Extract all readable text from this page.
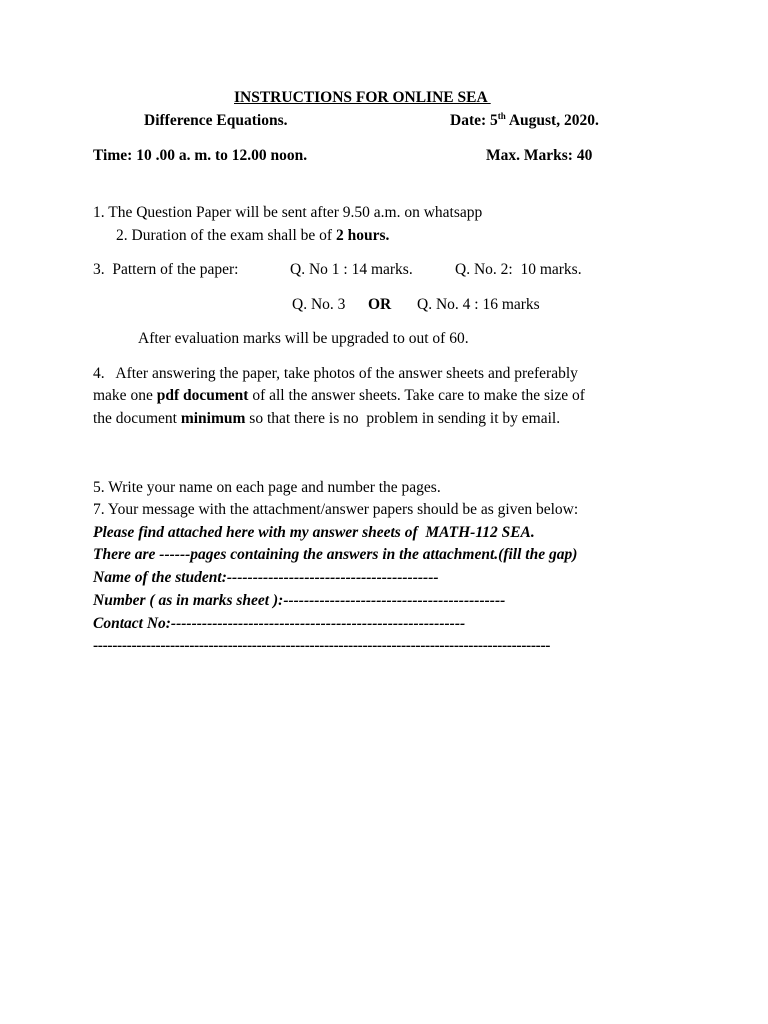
INSTRUCTIONS FOR ONLINE SEA
Difference Equations.	Date: 5th August, 2020.
Time: 10 .00 a. m. to 12.00 noon.	Max. Marks: 40
1. The Question Paper will be sent after 9.50 a.m. on whatsapp
2. Duration of the exam shall be of 2 hours.
3.  Pattern of the paper:	Q. No 1 : 14 marks.	Q. No. 2:  10 marks.
Q. No. 3 OR Q. No. 4 : 16 marks
After evaluation marks will be upgraded to out of 60.
4.   After answering the paper, take photos of the answer sheets and preferably
make one pdf document of all the answer sheets. Take care to make the size of
the document minimum so that there is no  problem in sending it by email.
5. Write your name on each page and number the pages.
7. Your message with the attachment/answer papers should be as given below:
Please find attached here with my answer sheets of  MATH-112 SEA.
There are ------pages containing the answers in the attachment.(fill the gap)
Name of the student:-----------------------------------------
Number ( as in marks sheet ):-------------------------------------------
Contact No:---------------------------------------------------------
-----------------------------------------------------------------------------------------------
